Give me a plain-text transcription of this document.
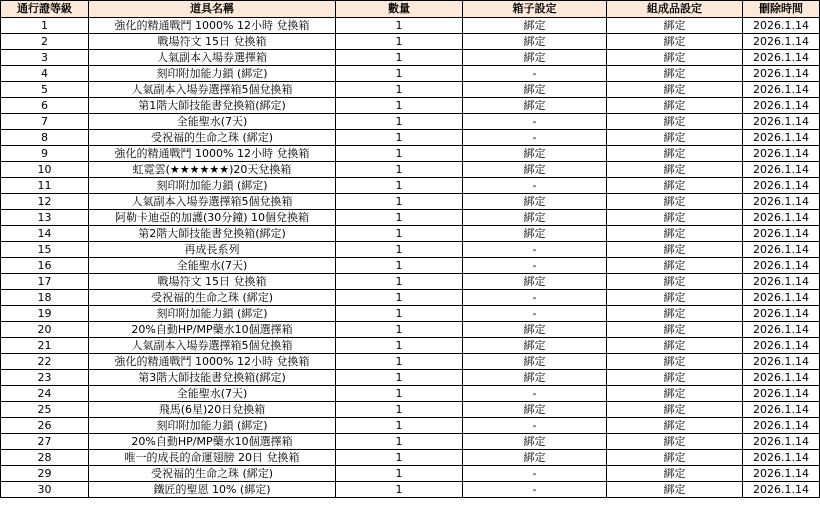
通行證等級	道具名稱	數量	箱子設定	組成品設定	刪除時間
1	強化的精通戰鬥 1000% 12小時 兌換箱	1	綁定	綁定	2026.1.14
2	戰場符文 15日 兌換箱	1	綁定	綁定	2026.1.14
3	人氣副本入場券選擇箱	1	綁定	綁定	2026.1.14
4	刻印附加能力鎖 (綁定)	1	-	綁定	2026.1.14
5	人氣副本入場券選擇箱5個兌換箱	1	綁定	綁定	2026.1.14
6	第1階大師技能書兌換箱(綁定)	1	綁定	綁定	2026.1.14
7	全能聖水(7天)	1	-	綁定	2026.1.14
8	受祝福的生命之珠 (綁定)	1	-	綁定	2026.1.14
9	強化的精通戰鬥 1000% 12小時 兌換箱	1	綁定	綁定	2026.1.14
10	虹霓雲(★★★★★★)20天兌換箱	1	綁定	綁定	2026.1.14
11	刻印附加能力鎖 (綁定)	1	-	綁定	2026.1.14
12	人氣副本入場券選擇箱5個兌換箱	1	綁定	綁定	2026.1.14
13	阿勒卡迪亞的加護(30分鐘) 10個兌換箱	1	綁定	綁定	2026.1.14
14	第2階大師技能書兌換箱(綁定)	1	綁定	綁定	2026.1.14
15	再成長系列	1	-	綁定	2026.1.14
16	全能聖水(7天)	1	-	綁定	2026.1.14
17	戰場符文 15日 兌換箱	1	綁定	綁定	2026.1.14
18	受祝福的生命之珠 (綁定)	1	-	綁定	2026.1.14
19	刻印附加能力鎖 (綁定)	1	-	綁定	2026.1.14
20	20%自動HP/MP藥水10個選擇箱	1	綁定	綁定	2026.1.14
21	人氣副本入場券選擇箱5個兌換箱	1	綁定	綁定	2026.1.14
22	強化的精通戰鬥 1000% 12小時 兌換箱	1	綁定	綁定	2026.1.14
23	第3階大師技能書兌換箱(綁定)	1	綁定	綁定	2026.1.14
24	全能聖水(7天)	1	-	綁定	2026.1.14
25	飛馬(6星)20日兌換箱	1	綁定	綁定	2026.1.14
26	刻印附加能力鎖 (綁定)	1	-	綁定	2026.1.14
27	20%自動HP/MP藥水10個選擇箱	1	綁定	綁定	2026.1.14
28	唯一的成長的命運翅膀 20日 兌換箱	1	綁定	綁定	2026.1.14
29	受祝福的生命之珠 (綁定)	1	-	綁定	2026.1.14
30	鐵匠的聖恩 10% (綁定)	1	-	綁定	2026.1.14
